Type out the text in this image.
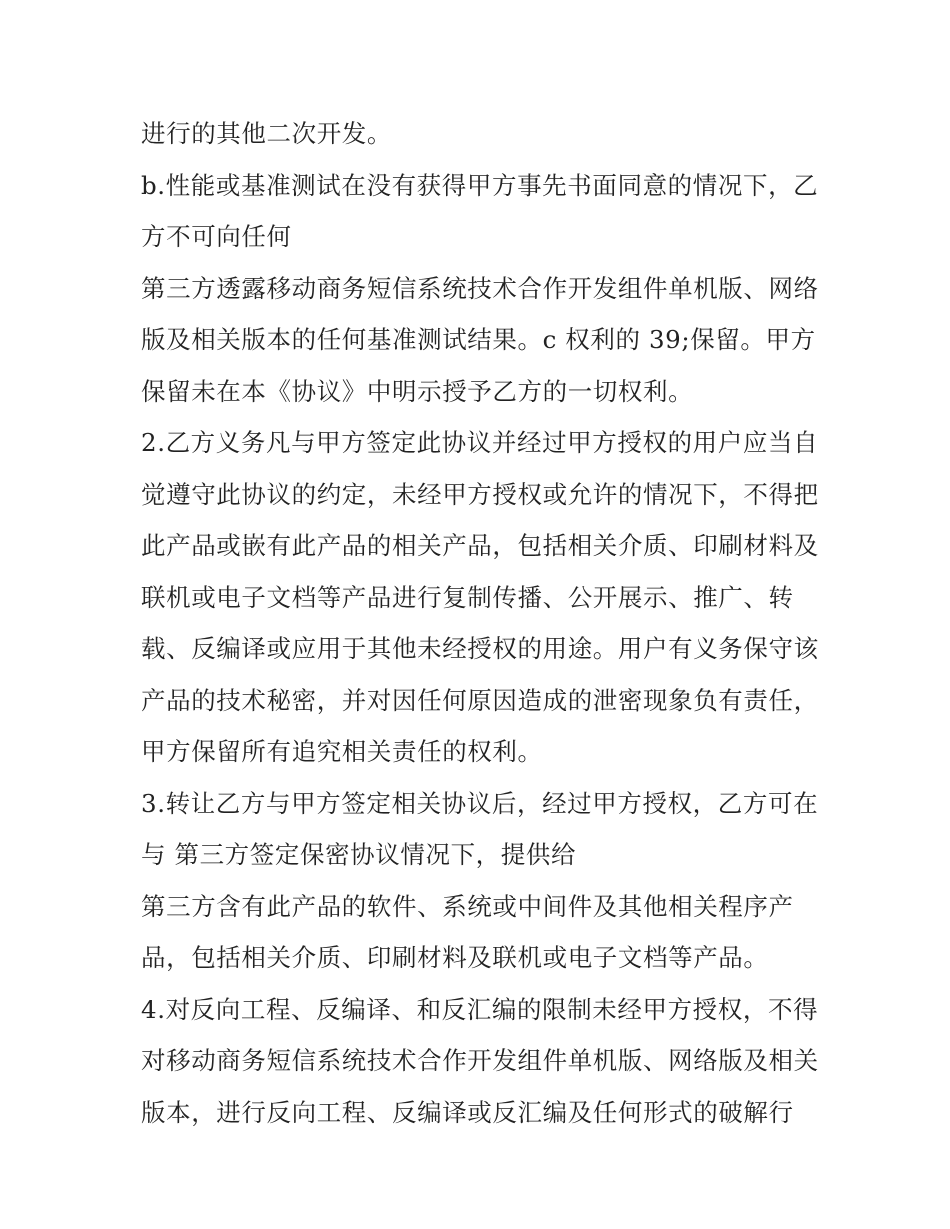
进行的其他二次开发。
b.性能或基准测试在没有获得甲方事先书面同意的情况下，乙
方不可向任何
第三方透露移动商务短信系统技术合作开发组件单机版、网络
版及相关版本的任何基准测试结果。c 权利的 39;保留。甲方
保留未在本《协议》中明示授予乙方的一切权利。
2.乙方义务凡与甲方签定此协议并经过甲方授权的用户应当自
觉遵守此协议的约定，未经甲方授权或允许的情况下，不得把
此产品或嵌有此产品的相关产品，包括相关介质、印刷材料及
联机或电子文档等产品进行复制传播、公开展示、推广、转
载、反编译或应用于其他未经授权的用途。用户有义务保守该
产品的技术秘密，并对因任何原因造成的泄密现象负有责任，
甲方保留所有追究相关责任的权利。
3.转让乙方与甲方签定相关协议后，经过甲方授权，乙方可在
与 第三方签定保密协议情况下，提供给
第三方含有此产品的软件、系统或中间件及其他相关程序产
品，包括相关介质、印刷材料及联机或电子文档等产品。
4.对反向工程、反编译、和反汇编的限制未经甲方授权，不得
对移动商务短信系统技术合作开发组件单机版、网络版及相关
版本，进行反向工程、反编译或反汇编及任何形式的破解行
